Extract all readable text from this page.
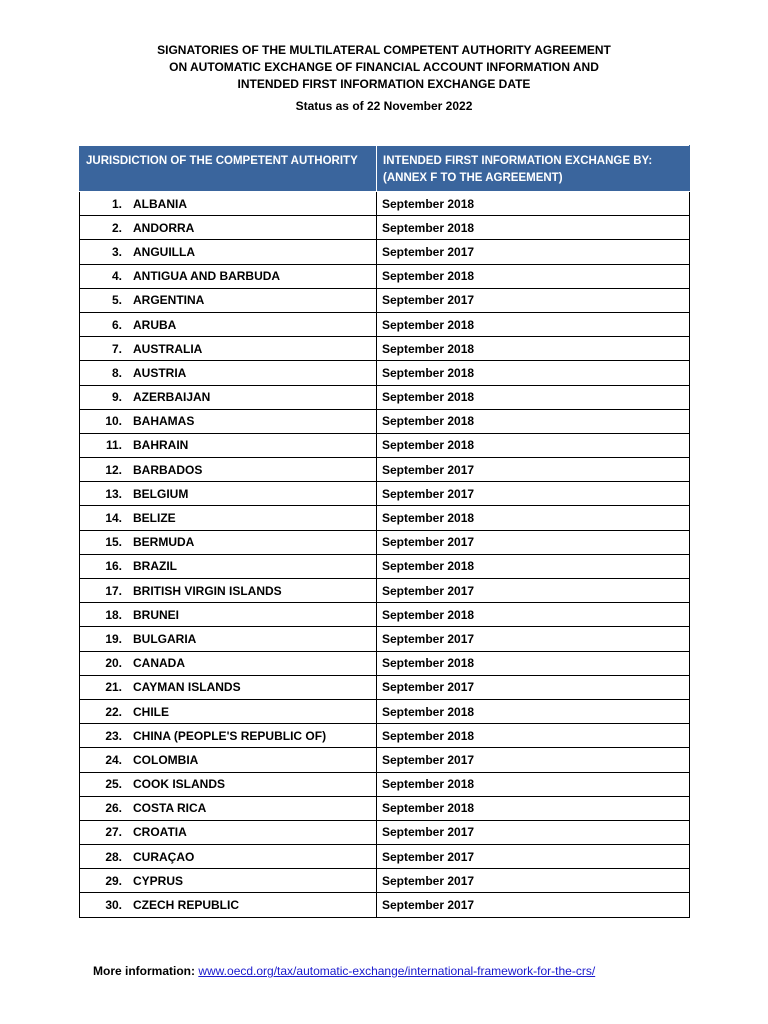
SIGNATORIES OF THE MULTILATERAL COMPETENT AUTHORITY AGREEMENT
ON AUTOMATIC EXCHANGE OF FINANCIAL ACCOUNT INFORMATION AND
INTENDED FIRST INFORMATION EXCHANGE DATE
Status as of 22 November 2022
JURISDICTION OF THE COMPETENT AUTHORITY	INTENDED FIRST INFORMATION EXCHANGE BY:
(ANNEX F TO THE AGREEMENT)

1. ALBANIA	September 2018
2. ANDORRA	September 2018
3. ANGUILLA	September 2017
4. ANTIGUA AND BARBUDA	September 2018
5. ARGENTINA	September 2017
6. ARUBA	September 2018
7. AUSTRALIA	September 2018
8. AUSTRIA	September 2018
9. AZERBAIJAN	September 2018
10. BAHAMAS	September 2018
11. BAHRAIN	September 2018
12. BARBADOS	September 2017
13. BELGIUM	September 2017
14. BELIZE	September 2018
15. BERMUDA	September 2017
16. BRAZIL	September 2018
17. BRITISH VIRGIN ISLANDS	September 2017
18. BRUNEI	September 2018
19. BULGARIA	September 2017
20. CANADA	September 2018
21. CAYMAN ISLANDS	September 2017
22. CHILE	September 2018
23. CHINA (PEOPLE'S REPUBLIC OF)	September 2018
24. COLOMBIA	September 2017
25. COOK ISLANDS	September 2018
26. COSTA RICA	September 2018
27. CROATIA	September 2017
28. CURAÇAO	September 2017
29. CYPRUS	September 2017
30. CZECH REPUBLIC	September 2017
More information: www.oecd.org/tax/automatic-exchange/international-framework-for-the-crs/
